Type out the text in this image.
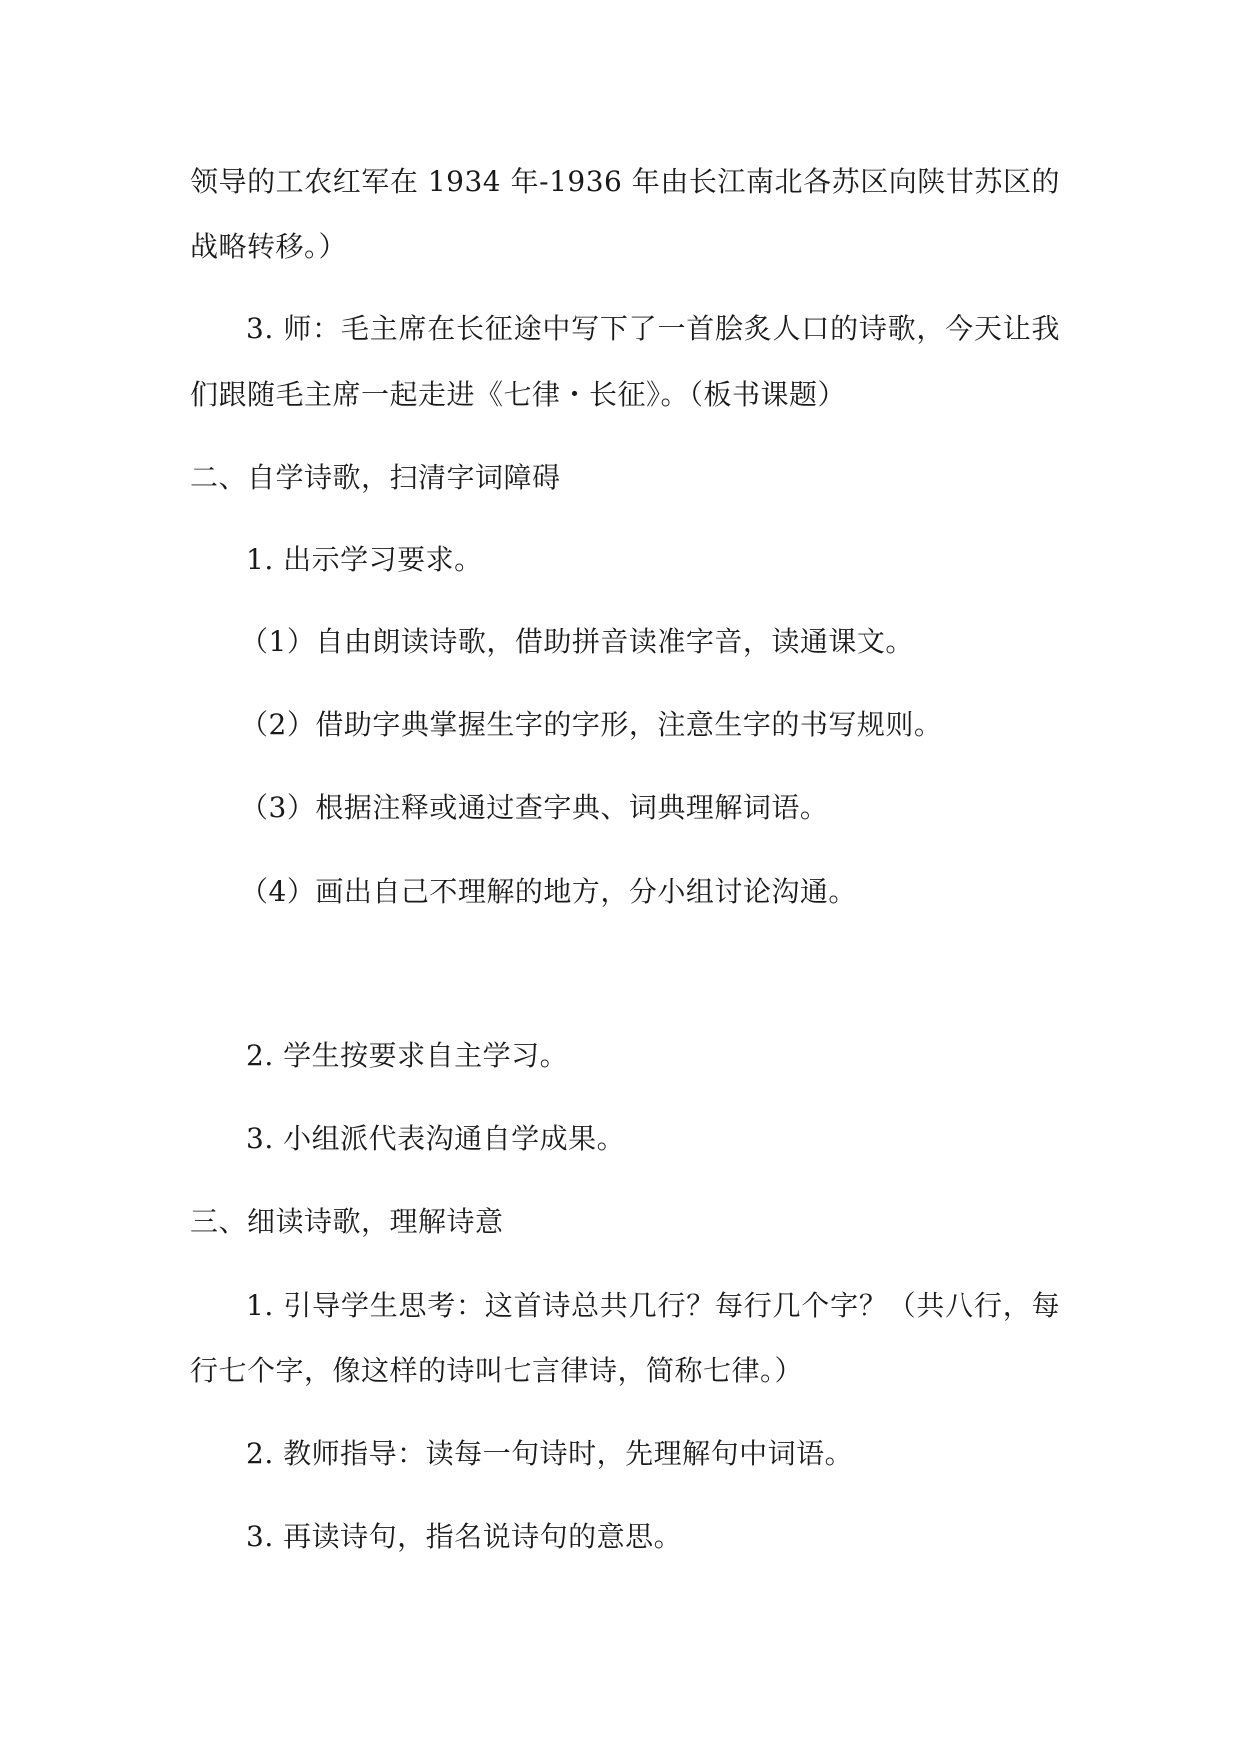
领导的工农红军在 1934 年-1936 年由长江南北各苏区向陕甘苏区的
战略转移。）
3. 师：毛主席在长征途中写下了一首脍炙人口的诗歌，今天让我
们跟随毛主席一起走进《七律・长征》。（板书课题）
二、自学诗歌，扫清字词障碍
1. 出示学习要求。
（1）自由朗读诗歌，借助拼音读准字音，读通课文。
（2）借助字典掌握生字的字形，注意生字的书写规则。
（3）根据注释或通过查字典、词典理解词语。
（4）画出自己不理解的地方，分小组讨论沟通。
2. 学生按要求自主学习。
3. 小组派代表沟通自学成果。
三、细读诗歌，理解诗意
1. 引导学生思考：这首诗总共几行？每行几个字？（共八行，每
行七个字，像这样的诗叫七言律诗，简称七律。）
2. 教师指导：读每一句诗时，先理解句中词语。
3. 再读诗句，指名说诗句的意思。
